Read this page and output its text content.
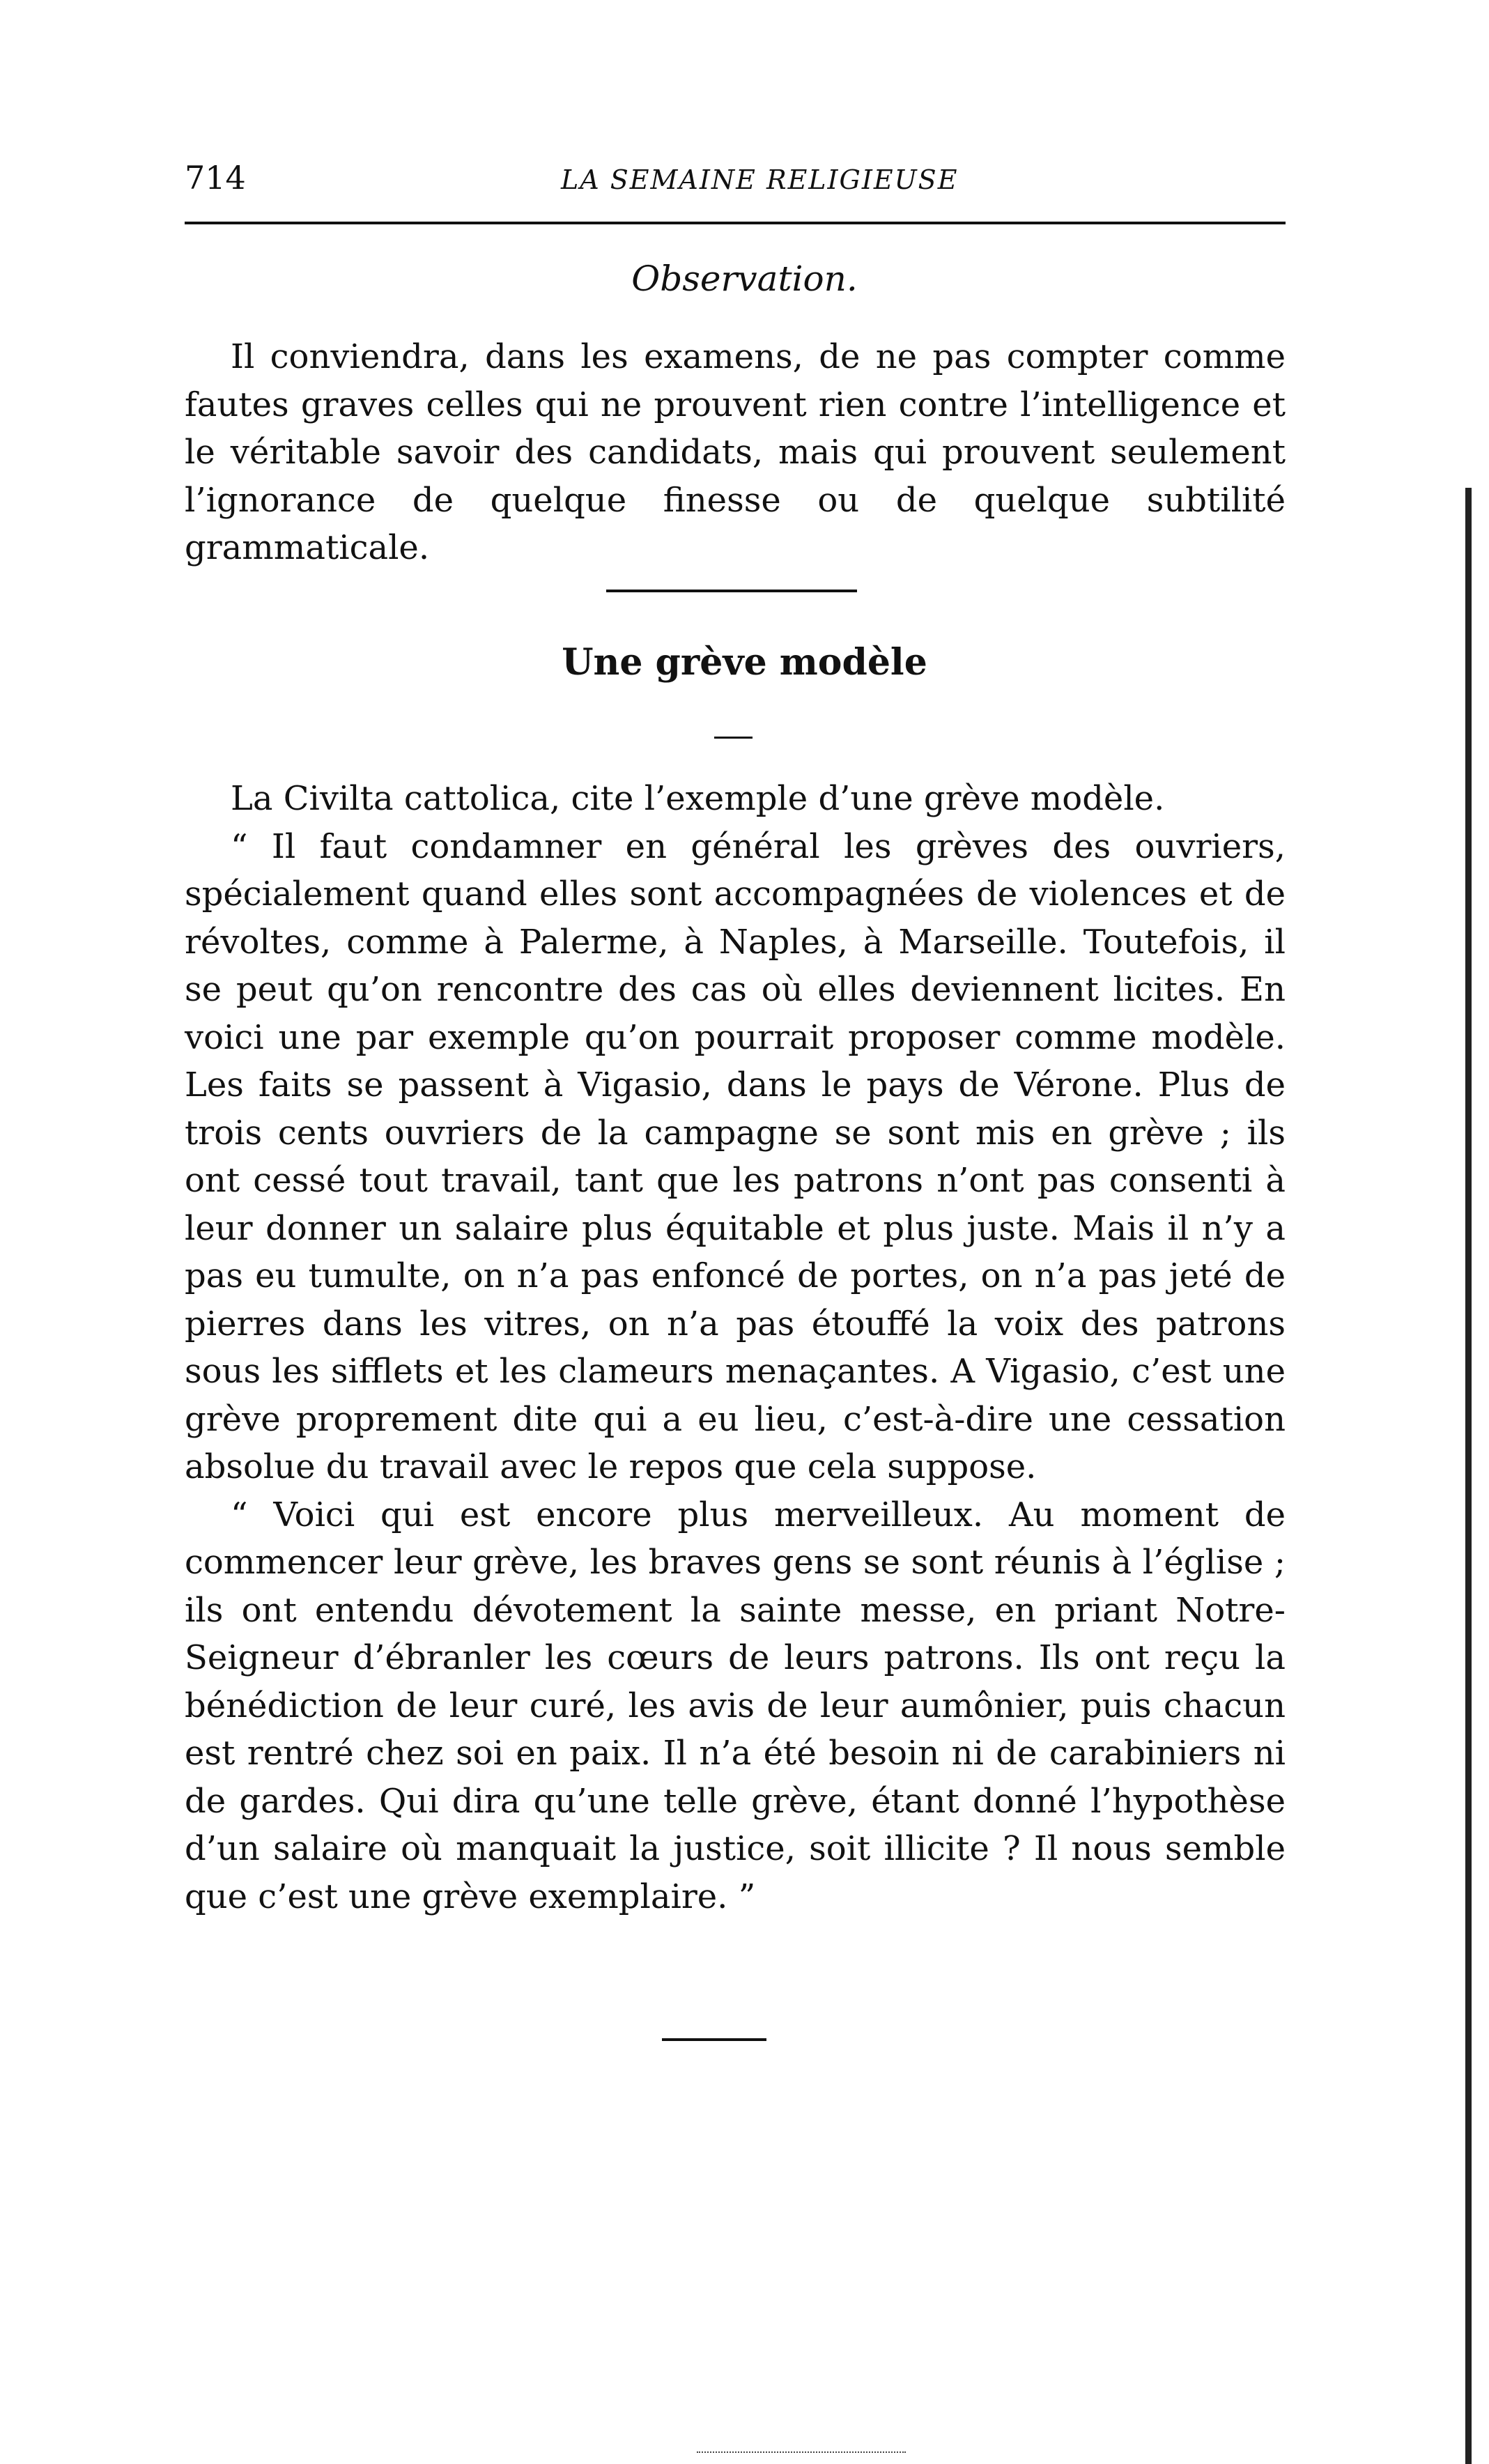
714	LA SEMAINE RELIGIEUSE
Observation.

Il conviendra, dans les examens, de ne pas compter comme fautes graves celles qui ne prouvent rien contre l’intelligence et le véritable savoir des candidats, mais qui prouvent seulement l’ignorance de quelque finesse ou de quelque subtilité grammaticale.

Une grève modèle

La Civilta cattolica, cite l’exemple d’une grève modèle.

“ Il faut condamner en général les grèves des ouvriers, spécialement quand elles sont accompagnées de violences et de révoltes, comme à Palerme, à Naples, à Marseille. Toutefois, il se peut qu’on rencontre des cas où elles deviennent licites. En voici une par exemple qu’on pourrait proposer comme modèle. Les faits se passent à Vigasio, dans le pays de Vérone. Plus de trois cents ouvriers de la campagne se sont mis en grève ; ils ont cessé tout travail, tant que les patrons n’ont pas consenti à leur donner un salaire plus équitable et plus juste. Mais il n’y a pas eu tumulte, on n’a pas enfoncé de portes, on n’a pas jeté de pierres dans les vitres, on n’a pas étouffé la voix des patrons sous les sifflets et les clameurs menaçantes. A Vigasio, c’est une grève proprement dite qui a eu lieu, c’est-à-dire une cessation absolue du travail avec le repos que cela suppose.

“ Voici qui est encore plus merveilleux. Au moment de commencer leur grève, les braves gens se sont réunis à l’église ; ils ont entendu dévotement la sainte messe, en priant Notre-Seigneur d’ébranler les cœurs de leurs patrons. Ils ont reçu la bénédiction de leur curé, les avis de leur aumônier, puis chacun est rentré chez soi en paix. Il n’a été besoin ni de carabiniers ni de gardes. Qui dira qu’une telle grève, étant donné l’hypothèse d’un salaire où manquait la justice, soit illicite ? Il nous semble que c’est une grève exemplaire. ”
